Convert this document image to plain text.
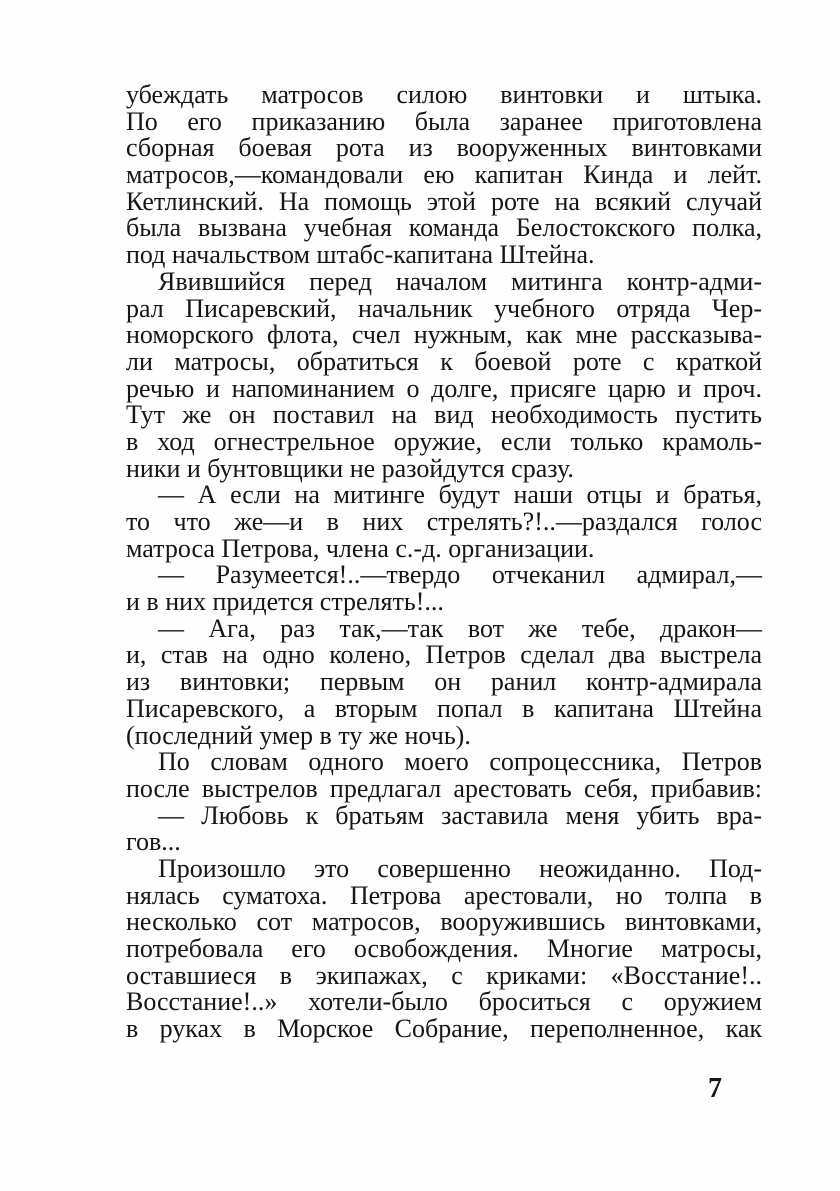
убеждать матросов силою винтовки и штыка.
По его приказанию была заранее приготовлена
сборная боевая рота из вооруженных винтовками
матросов,—командовали ею капитан Кинда и лейт.
Кетлинский. На помощь этой роте на всякий случай
была вызвана учебная команда Белостокского полка,
под начальством штабс-капитана Штейна.
Явившийся перед началом митинга контр-адми-
рал Писаревский, начальник учебного отряда Чер-
номорского флота, счел нужным, как мне рассказыва-
ли матросы, обратиться к боевой роте с краткой
речью и напоминанием о долге, присяге царю и проч.
Тут же он поставил на вид необходимость пустить
в ход огнестрельное оружие, если только крамоль-
ники и бунтовщики не разойдутся сразу.
— А если на митинге будут наши отцы и братья,
то что же—и в них стрелять?!..—раздался голос
матроса Петрова, члена с.-д. организации.
— Разумеется!..—твердо отчеканил адмирал,—
и в них придется стрелять!...
— Ага, раз так,—так вот же тебе, дракон—
и, став на одно колено, Петров сделал два выстрела
из винтовки; первым он ранил контр-адмирала
Писаревского, а вторым попал в капитана Штейна
(последний умер в ту же ночь).
По словам одного моего сопроцессника, Петров
после выстрелов предлагал арестовать себя, прибавив:
— Любовь к братьям заставила меня убить вра-
гов...
Произошло это совершенно неожиданно. Под-
нялась суматоха. Петрова арестовали, но толпа в
несколько сот матросов, вооружившись винтовками,
потребовала его освобождения. Многие матросы,
оставшиеся в экипажах, с криками: «Восстание!..
Восстание!..» хотели-было броситься с оружием
в руках в Морское Собрание, переполненное, как
7
